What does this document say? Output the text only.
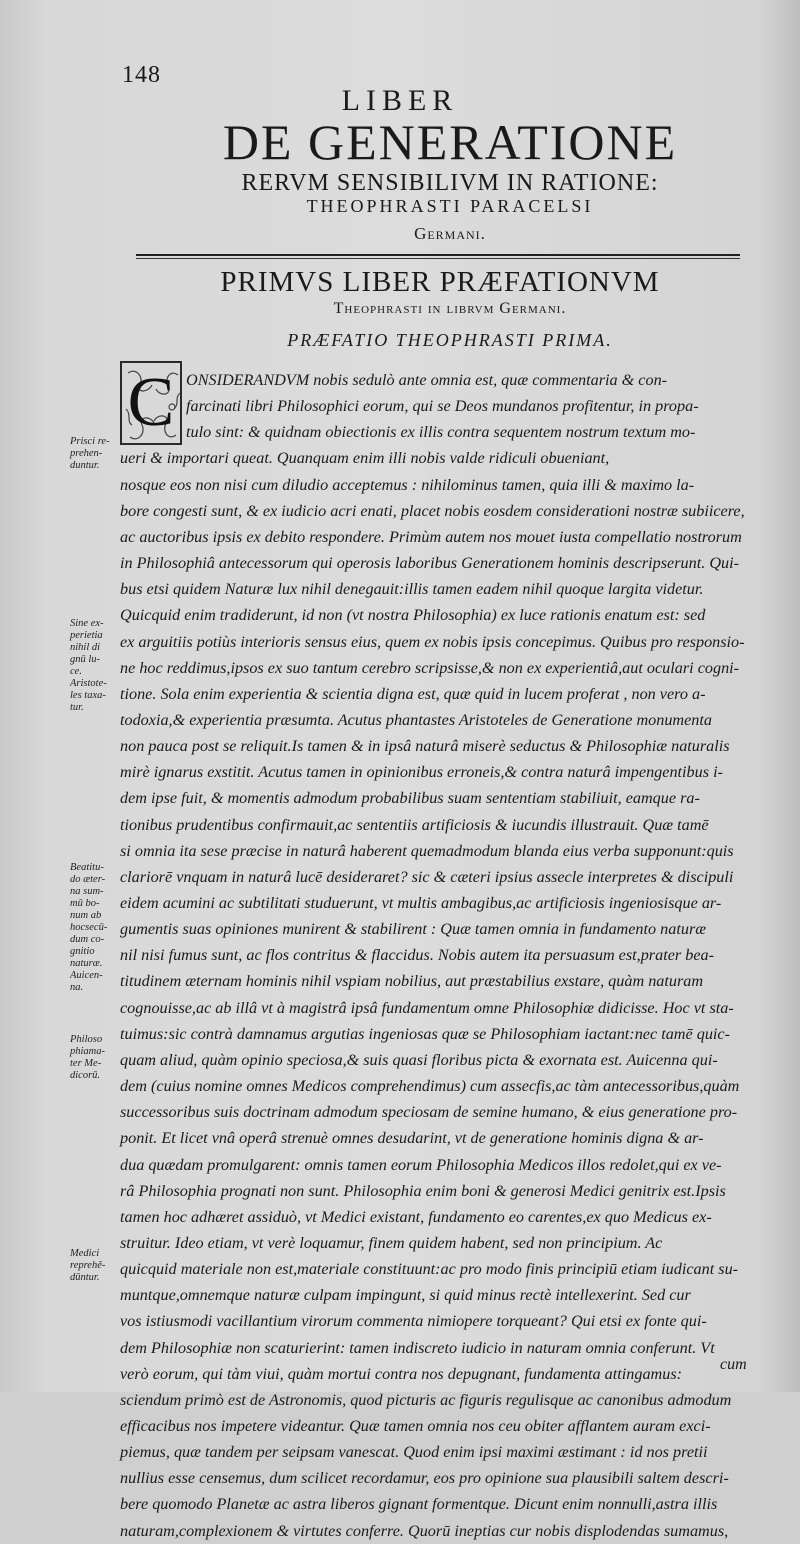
148
LIBER
DE GENERATIONE
RERVM SENSIBILIVM IN RATIONE:
THEOPHRASTI PARACELSI
Germani.
PRIMVS LIBER PRÆFATIONVM
Theophrasti in librvm Germani.
PRÆFATIO THEOPHRASTI PRIMA.
C ONSIDERANDVM nobis sedulò ante omnia est, quæ commentaria & con-
farcinati libri Philosophici eorum, qui se Deos mundanos profitentur, in propa-
tulo sint: & quidnam obiectionis ex illis contra sequentem nostrum textum mo-
ueri & importari queat. Quanquam enim illi nobis valde ridiculi obueniant,
nosque eos non nisi cum diludio acceptemus : nihilominus tamen, quia illi & maximo la-
bore congesti sunt, & ex iudicio acri enati, placet nobis eosdem considerationi nostræ subiicere,
ac auctoribus ipsis ex debito respondere. Primùm autem nos mouet iusta compellatio nostrorum
in Philosophiâ antecessorum qui operosis laboribus Generationem hominis descripserunt. Qui-
bus etsi quidem Naturæ lux nihil denegauit:illis tamen eadem nihil quoque largita videtur.
Quicquid enim tradiderunt, id non (vt nostra Philosophia) ex luce rationis enatum est: sed
ex arguitiis potiùs interioris sensus eius, quem ex nobis ipsis concepimus. Quibus pro responsio-
ne hoc reddimus,ipsos ex suo tantum cerebro scripsisse,& non ex experientiâ,aut oculari cogni-
tione. Sola enim experientia & scientia digna est, quæ quid in lucem proferat , non vero a-
todoxia,& experientia præsumta. Acutus phantastes Aristoteles de Generatione monumenta
non pauca post se reliquit.Is tamen & in ipsâ naturâ miserè seductus & Philosophiæ naturalis
mirè ignarus exstitit. Acutus tamen in opinionibus erroneis,& contra naturâ impengentibus i-
dem ipse fuit, & momentis admodum probabilibus suam sententiam stabiliuit, eamque ra-
tionibus prudentibus confirmauit,ac sententiis artificiosis & iucundis illustrauit. Quæ tamē
si omnia ita sese præcise in naturâ haberent quemadmodum blanda eius verba supponunt:quis
clariorē vnquam in naturâ lucē desideraret? sic & cæteri ipsius assecle interpretes & discipuli
eidem acumini ac subtilitati studuerunt, vt multis ambagibus,ac artificiosis ingeniosisque ar-
gumentis suas opiniones munirent & stabilirent : Quæ tamen omnia in fundamento naturæ
nil nisi fumus sunt, ac flos contritus & flaccidus. Nobis autem ita persuasum est,prater bea-
titudinem æternam hominis nihil vspiam nobilius, aut præstabilius exstare, quàm naturam
cognouisse,ac ab illâ vt à magistrâ ipsâ fundamentum omne Philosophiæ didicisse. Hoc vt sta-
tuimus:sic contrà damnamus argutias ingeniosas quæ se Philosophiam iactant:nec tamē quic-
quam aliud, quàm opinio speciosa,& suis quasi floribus picta & exornata est. Auicenna qui-
dem (cuius nomine omnes Medicos comprehendimus) cum assecfis,ac tàm antecessoribus,quàm
successoribus suis doctrinam admodum speciosam de semine humano, & eius generatione pro-
ponit. Et licet vnâ operâ strenuè omnes desudarint, vt de generatione hominis digna & ar-
dua quædam promulgarent: omnis tamen eorum Philosophia Medicos illos redolet,qui ex ve-
râ Philosophia prognati non sunt. Philosophia enim boni & generosi Medici genitrix est.Ipsis
tamen hoc adhæret assiduò, vt Medici existant, fundamento eo carentes,ex quo Medicus ex-
struitur. Ideo etiam, vt verè loquamur, finem quidem habent, sed non principium. Ac
quicquid materiale non est,materiale constituunt:ac pro modo finis principiū etiam iudicant su-
muntque,omnemque naturæ culpam impingunt, si quid minus rectè intellexerint. Sed cur
vos istiusmodi vacillantium virorum commenta nimiopere torqueant? Qui etsi ex fonte qui-
dem Philosophiæ non scaturierint: tamen indiscreto iudicio in naturam omnia conferunt. Vt
verò eorum, qui tàm viui, quàm mortui contra nos depugnant, fundamenta attingamus:
sciendum primò est de Astronomis, quod picturis ac figuris regulisque ac canonibus admodum
efficacibus nos impetere videantur. Quæ tamen omnia nos ceu obiter afflantem auram exci-
piemus, quæ tandem per seipsam vanescat. Quod enim ipsi maximi æstimant : id nos pretii
nullius esse censemus, dum scilicet recordamur, eos pro opinione sua plausibili saltem descri-
bere quomodo Planetæ ac astra liberos gignant formentque. Dicunt enim nonnulli,astra illis
naturam,complexionem & virtutes conferre. Quorū ineptias cur nobis displodendas sumamus,
Prisci re-
prehen-
duntur.
Sine ex-
perietia
nihil di
gnū lu-
ce.
Aristote-
les taxa-
tur.
Beatitu-
do æter-
na sum-
mū bo-
num ab
hocsecū-
dum co-
gnitio
naturæ.
Auicen-
na.
Philoso
phiama-
ter Me-
dicorū.
Medici
reprehē-
dūntur.
cum
